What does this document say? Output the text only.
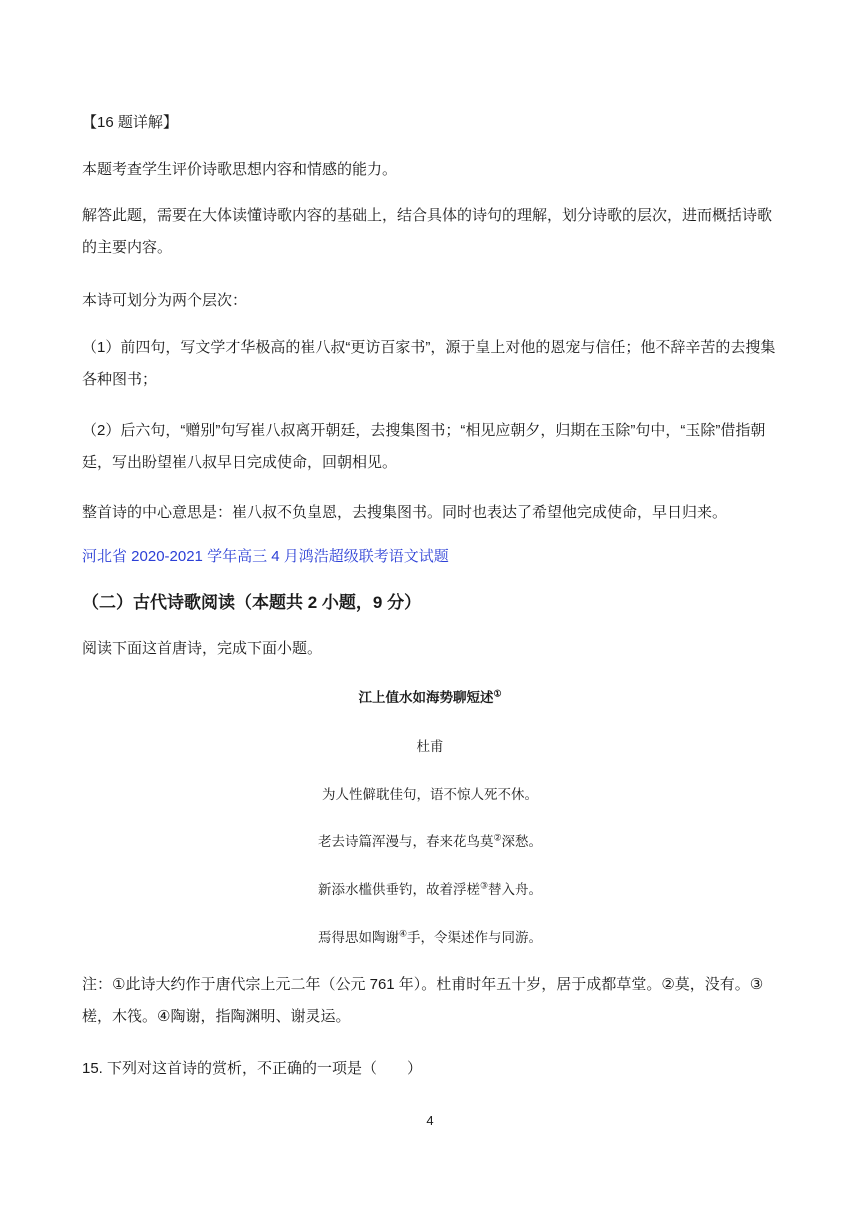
【16 题详解】

本题考查学生评价诗歌思想内容和情感的能力。

解答此题，需要在大体读懂诗歌内容的基础上，结合具体的诗句的理解，划分诗歌的层次，进而概括诗歌的主要内容。

本诗可划分为两个层次：

（1）前四句，写文学才华极高的崔八叔“更访百家书”，源于皇上对他的恩宠与信任；他不辞辛苦的去搜集各种图书；

（2）后六句，“赠别”句写崔八叔离开朝廷，去搜集图书；“相见应朝夕，归期在玉除”句中，“玉除”借指朝廷，写出盼望崔八叔早日完成使命，回朝相见。

整首诗的中心意思是：崔八叔不负皇恩，去搜集图书。同时也表达了希望他完成使命，早日归来。

河北省 2020-2021 学年高三 4 月鸿浩超级联考语文试题

（二）古代诗歌阅读（本题共 2 小题，9 分）

阅读下面这首唐诗，完成下面小题。

江上值水如海势聊短述①

杜甫

为人性僻耽佳句，语不惊人死不休。

老去诗篇浑漫与，春来花鸟莫②深愁。

新添水槛供垂钓，故着浮槎③替入舟。

焉得思如陶谢④手，令渠述作与同游。

注：①此诗大约作于唐代宗上元二年（公元 761 年）。杜甫时年五十岁，居于成都草堂。②莫，没有。③槎，木筏。④陶谢，指陶渊明、谢灵运。

15. 下列对这首诗的赏析，不正确的一项是（　　）

4
